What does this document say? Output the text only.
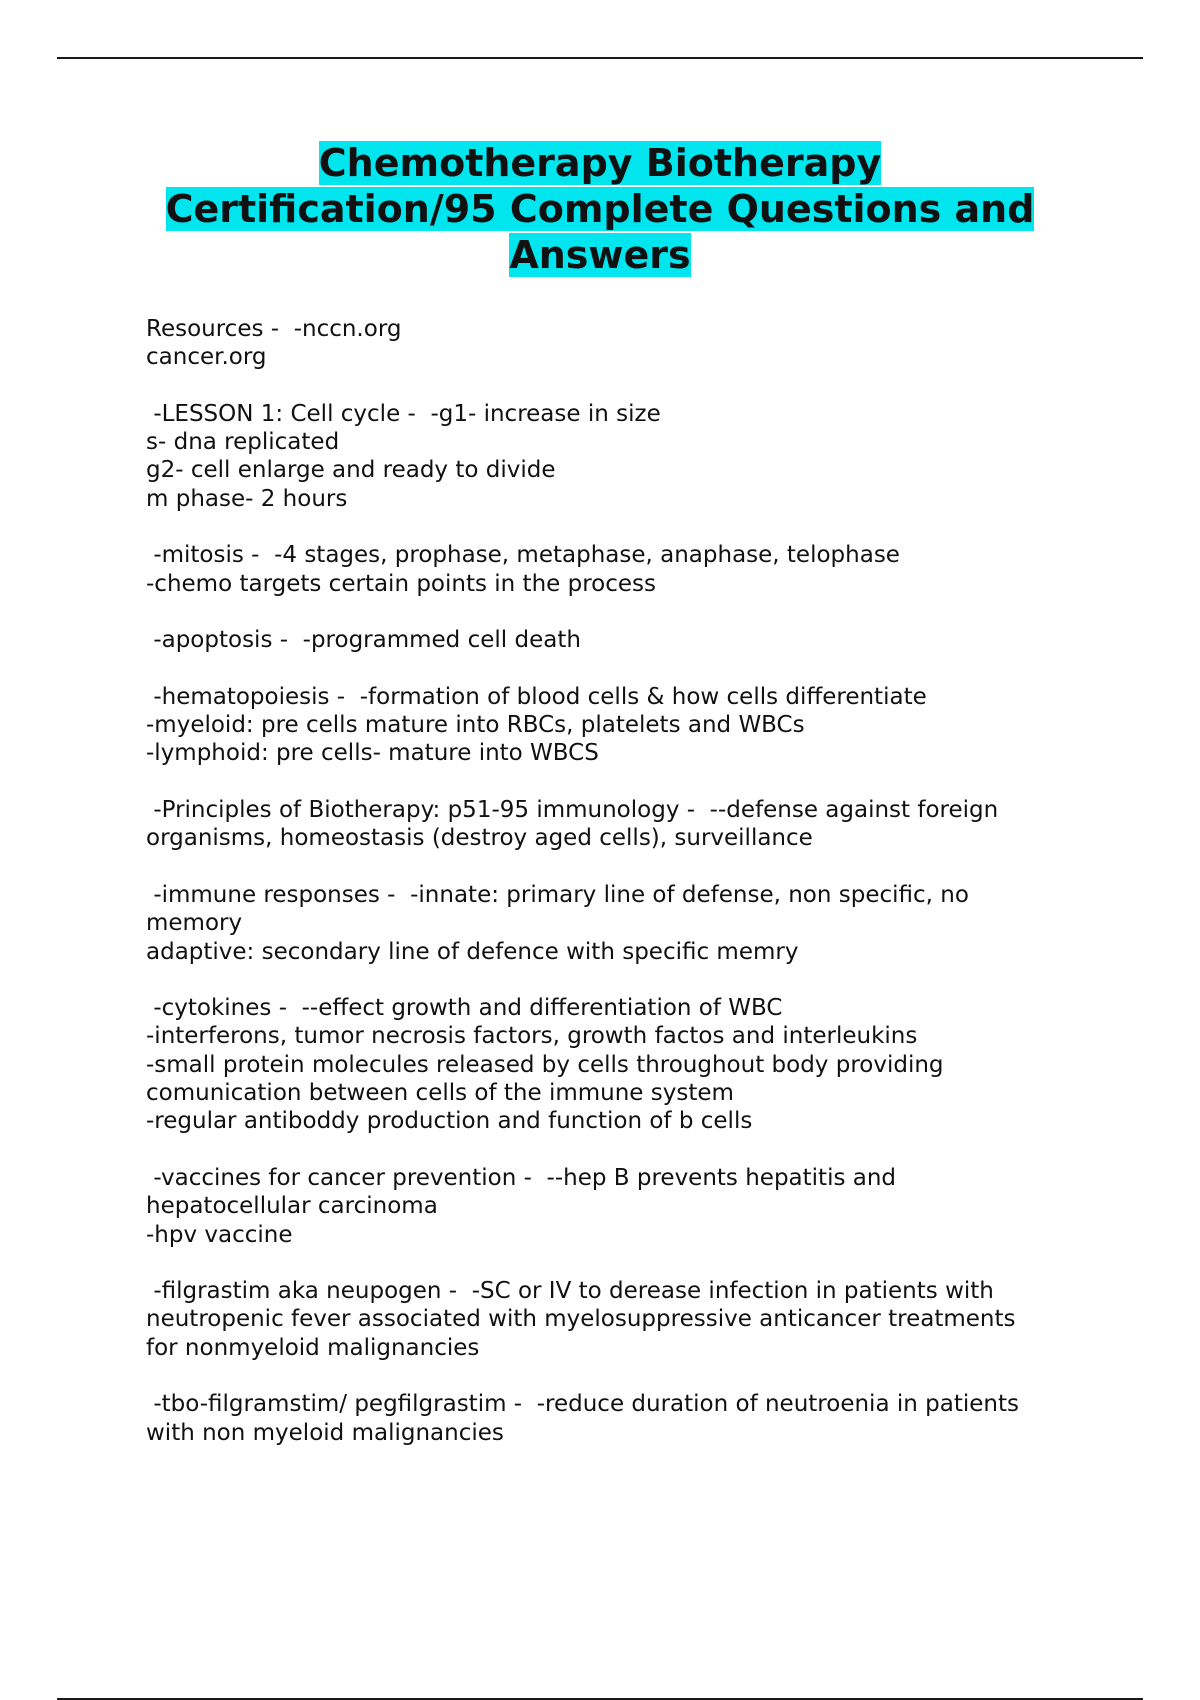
Chemotherapy Biotherapy
Certification/95 Complete Questions and
Answers
Resources -  -nccn.org
cancer.org
-LESSON 1: Cell cycle -  -g1- increase in size
s- dna replicated
g2- cell enlarge and ready to divide
m phase- 2 hours
-mitosis -  -4 stages, prophase, metaphase, anaphase, telophase
-chemo targets certain points in the process
-apoptosis -  -programmed cell death
-hematopoiesis -  -formation of blood cells & how cells differentiate
-myeloid: pre cells mature into RBCs, platelets and WBCs
-lymphoid: pre cells- mature into WBCS
-Principles of Biotherapy: p51-95 immunology -  --defense against foreign
organisms, homeostasis (destroy aged cells), surveillance
-immune responses -  -innate: primary line of defense, non specific, no
memory
adaptive: secondary line of defence with specific memry
-cytokines -  --effect growth and differentiation of WBC
-interferons, tumor necrosis factors, growth factos and interleukins
-small protein molecules released by cells throughout body providing
comunication between cells of the immune system
-regular antiboddy production and function of b cells
-vaccines for cancer prevention -  --hep B prevents hepatitis and
hepatocellular carcinoma
-hpv vaccine
-filgrastim aka neupogen -  -SC or IV to derease infection in patients with
neutropenic fever associated with myelosuppressive anticancer treatments
for nonmyeloid malignancies
-tbo-filgramstim/ pegfilgrastim -  -reduce duration of neutroenia in patients
with non myeloid malignancies
